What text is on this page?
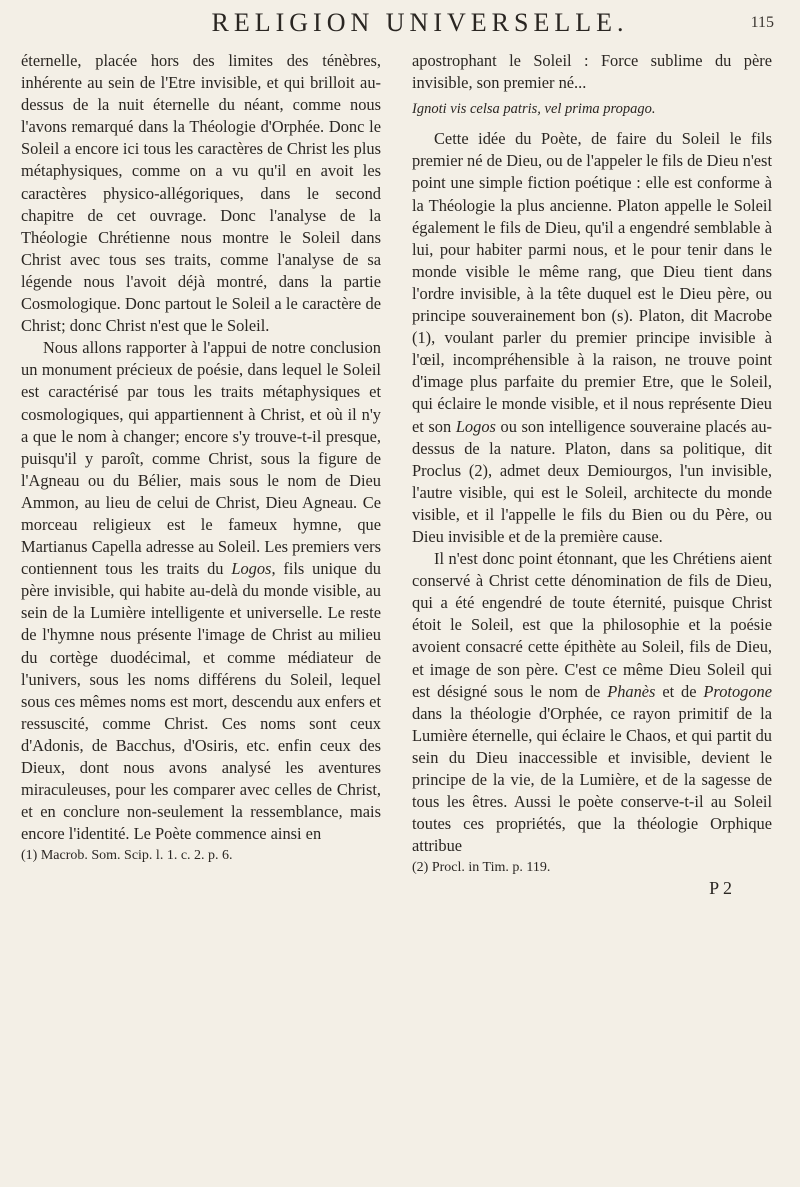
RELIGION UNIVERSELLE.	115

éternelle, placée hors des limites des ténèbres, inhérente au sein de l'Etre invisible, et qui brilloit au-dessus de la nuit éternelle du néant, comme nous l'avons remarqué dans la Théologie d'Orphée. Donc le Soleil a encore ici tous les caractères de Christ les plus métaphysiques, comme on a vu qu'il en avoit les caractères physico-allégoriques, dans le second chapitre de cet ouvrage. Donc l'analyse de la Théologie Chrétienne nous montre le Soleil dans Christ avec tous ses traits, comme l'analyse de sa légende nous l'avoit déjà montré, dans la partie Cosmologique. Donc partout le Soleil a le caractère de Christ; donc Christ n'est que le Soleil.

Nous allons rapporter à l'appui de notre conclusion un monument précieux de poésie, dans lequel le Soleil est caractérisé par tous les traits métaphysiques et cosmologiques, qui appartiennent à Christ, et où il n'y a que le nom à changer; encore s'y trouve-t-il presque, puisqu'il y paroît, comme Christ, sous la figure de l'Agneau ou du Bélier, mais sous le nom de Dieu Ammon, au lieu de celui de Christ, Dieu Agneau. Ce morceau religieux est le fameux hymne, que Martianus Capella adresse au Soleil. Les premiers vers contiennent tous les traits du Logos, fils unique du père invisible, qui habite au-delà du monde visible, au sein de la Lumière intelligente et universelle. Le reste de l'hymne nous présente l'image de Christ au milieu du cortège duodécimal, et comme médiateur de l'univers, sous les noms différens du Soleil, lequel sous ces mêmes noms est mort, descendu aux enfers et ressuscité, comme Christ. Ces noms sont ceux d'Adonis, de Bacchus, d'Osiris, etc. enfin ceux des Dieux, dont nous avons analysé les aventures miraculeuses, pour les comparer avec celles de Christ, et en conclure non-seulement la ressemblance, mais encore l'identité. Le Poète commence ainsi en

(1) Macrob. Som. Scip. l. 1. c. 2. p. 6.

apostrophant le Soleil : Force sublime du père invisible, son premier né...

Ignoti vis celsa patris, vel prima propago.

Cette idée du Poète, de faire du Soleil le fils premier né de Dieu, ou de l'appeler le fils de Dieu n'est point une simple fiction poétique : elle est conforme à la Théologie la plus ancienne. Platon appelle le Soleil également le fils de Dieu, qu'il a engendré semblable à lui, pour habiter parmi nous, et le pour tenir dans le monde visible le même rang, que Dieu tient dans l'ordre invisible, à la tête duquel est le Dieu père, ou principe souverainement bon (s). Platon, dit Macrobe (1), voulant parler du premier principe invisible à l'œil, incompréhensible à la raison, ne trouve point d'image plus parfaite du premier Etre, que le Soleil, qui éclaire le monde visible, et il nous représente Dieu et son Logos ou son intelligence souveraine placés au-dessus de la nature. Platon, dans sa politique, dit Proclus (2), admet deux Demiourgos, l'un invisible, l'autre visible, qui est le Soleil, architecte du monde visible, et il l'appelle le fils du Bien ou du Père, ou Dieu invisible et de la première cause.

Il n'est donc point étonnant, que les Chrétiens aient conservé à Christ cette dénomination de fils de Dieu, qui a été engendré de toute éternité, puisque Christ étoit le Soleil, est que la philosophie et la poésie avoient consacré cette épithète au Soleil, fils de Dieu, et image de son père. C'est ce même Dieu Soleil qui est désigné sous le nom de Phanès et de Protogone dans la théologie d'Orphée, ce rayon primitif de la Lumière éternelle, qui éclaire le Chaos, et qui partit du sein du Dieu inaccessible et invisible, devient le principe de la vie, de la Lumière, et de la sagesse de tous les êtres. Aussi le poète conserve-t-il au Soleil toutes ces propriétés, que la théologie Orphique attribue

(2) Procl. in Tim. p. 119.

P 2
